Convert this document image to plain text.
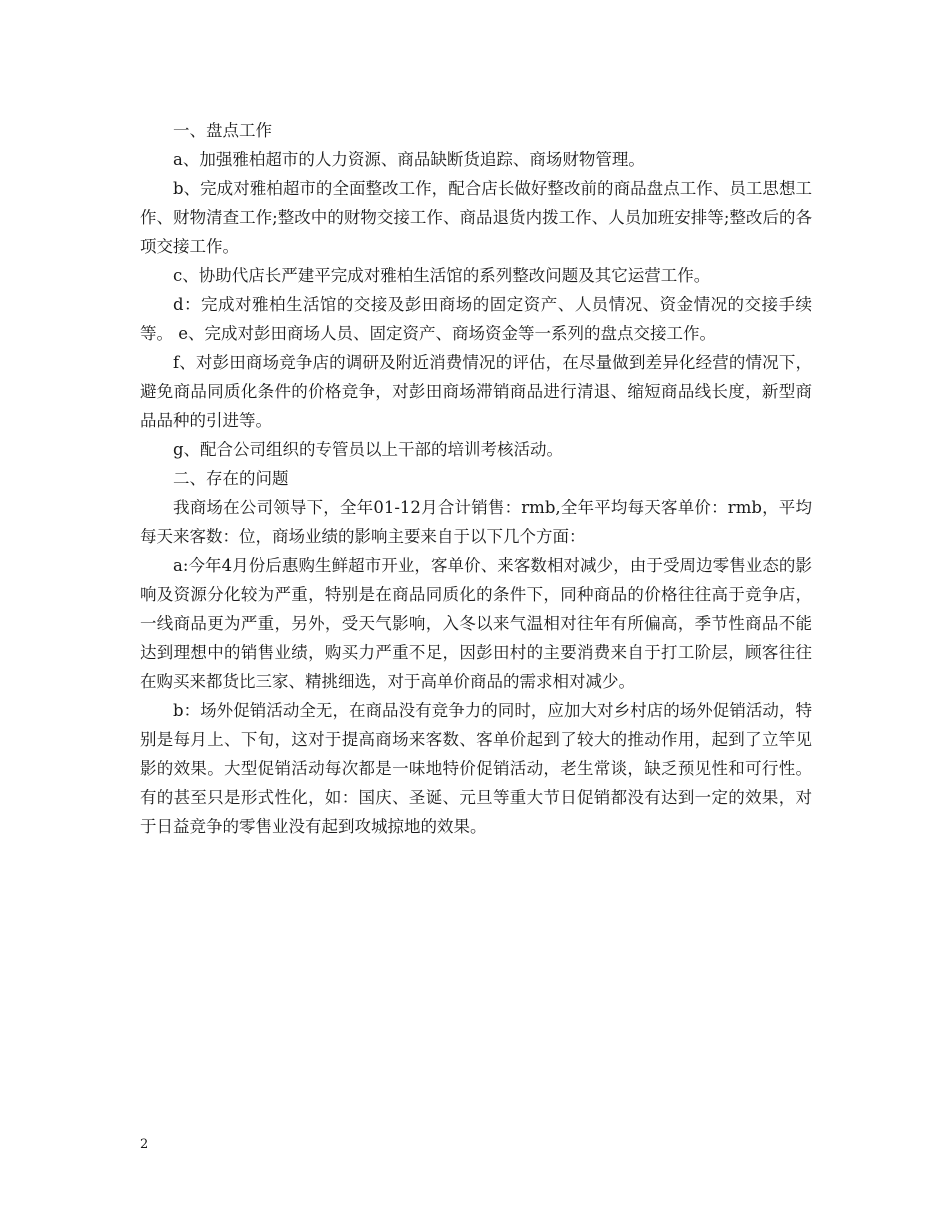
一、盘点工作

a、加强雅柏超市的人力资源、商品缺断货追踪、商场财物管理。

b、完成对雅柏超市的全面整改工作，配合店长做好整改前的商品盘点工作、员工思想工作、财物清查工作;整改中的财物交接工作、商品退货内拨工作、人员加班安排等;整改后的各项交接工作。

c、协助代店长严建平完成对雅柏生活馆的系列整改问题及其它运营工作。

d：完成对雅柏生活馆的交接及彭田商场的固定资产、人员情况、资金情况的交接手续等。 e、完成对彭田商场人员、固定资产、商场资金等一系列的盘点交接工作。

f、对彭田商场竞争店的调研及附近消费情况的评估，在尽量做到差异化经营的情况下，避免商品同质化条件的价格竞争，对彭田商场滞销商品进行清退、缩短商品线长度，新型商品品种的引进等。

g、配合公司组织的专管员以上干部的培训考核活动。

二、存在的问题

我商场在公司领导下，全年01-12月合计销售：rmb,全年平均每天客单价：rmb，平均每天来客数：位，商场业绩的影响主要来自于以下几个方面：

a:今年4月份后惠购生鲜超市开业，客单价、来客数相对减少，由于受周边零售业态的影响及资源分化较为严重，特别是在商品同质化的条件下，同种商品的价格往往高于竞争店，一线商品更为严重，另外，受天气影响，入冬以来气温相对往年有所偏高，季节性商品不能达到理想中的销售业绩，购买力严重不足，因彭田村的主要消费来自于打工阶层，顾客往往在购买来都货比三家、精挑细选，对于高单价商品的需求相对减少。

b：场外促销活动全无，在商品没有竞争力的同时，应加大对乡村店的场外促销活动，特别是每月上、下旬，这对于提高商场来客数、客单价起到了较大的推动作用，起到了立竿见影的效果。大型促销活动每次都是一味地特价促销活动，老生常谈，缺乏预见性和可行性。有的甚至只是形式性化，如：国庆、圣诞、元旦等重大节日促销都没有达到一定的效果，对于日益竞争的零售业没有起到攻城掠地的效果。

2
